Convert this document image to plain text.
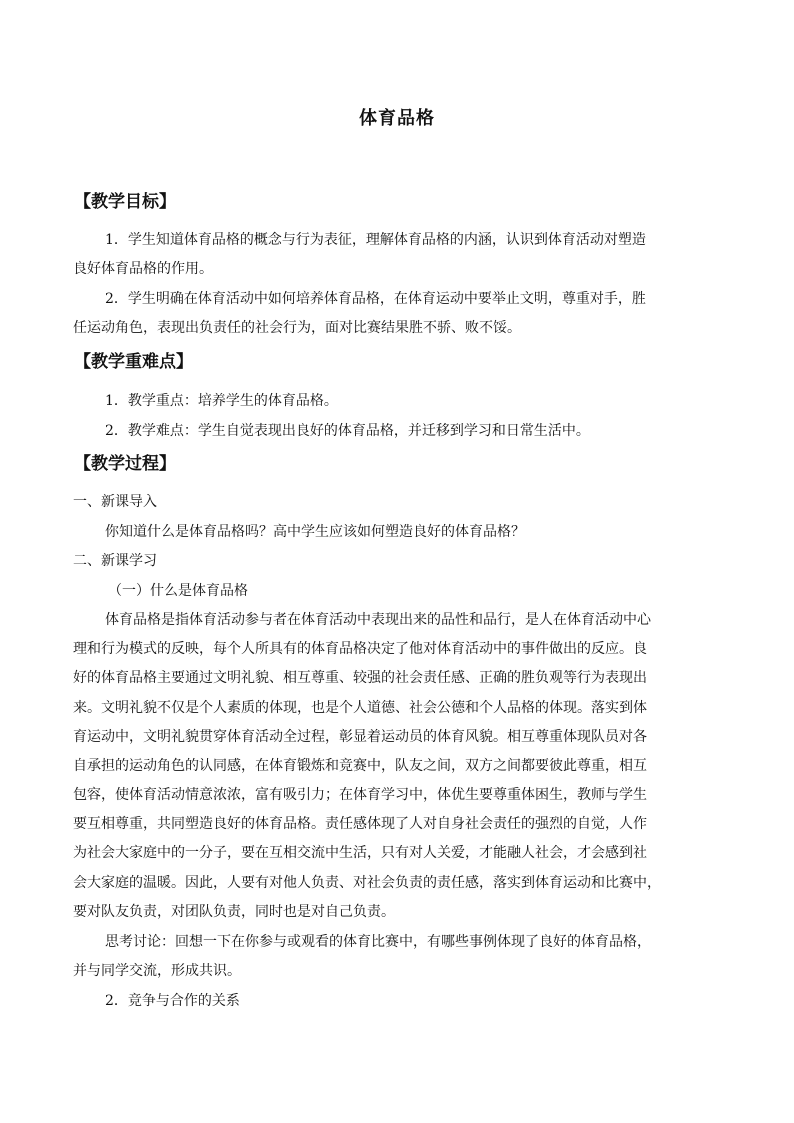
体育品格
【教学目标】
1．学生知道体育品格的概念与行为表征，理解体育品格的内涵，认识到体育活动对塑造
良好体育品格的作用。
2．学生明确在体育活动中如何培养体育品格，在体育运动中要举止文明，尊重对手，胜
任运动角色，表现出负责任的社会行为，面对比赛结果胜不骄、败不馁。
【教学重难点】
1．教学重点：培养学生的体育品格。
2．教学难点：学生自觉表现出良好的体育品格，并迁移到学习和日常生活中。
【教学过程】
一、新课导入
你知道什么是体育品格吗？高中学生应该如何塑造良好的体育品格？
二、新课学习
（一）什么是体育品格
体育品格是指体育活动参与者在体育活动中表现出来的品性和品行，是人在体育活动中心
理和行为模式的反映，每个人所具有的体育品格决定了他对体育活动中的事件做出的反应。良
好的体育品格主要通过文明礼貌、相互尊重、较强的社会责任感、正确的胜负观等行为表现出
来。文明礼貌不仅是个人素质的体现，也是个人道德、社会公德和个人品格的体现。落实到体
育运动中，文明礼貌贯穿体育活动全过程，彰显着运动员的体育风貌。相互尊重体现队员对各
自承担的运动角色的认同感，在体育锻炼和竞赛中，队友之间，双方之间都要彼此尊重，相互
包容，使体育活动情意浓浓，富有吸引力；在体育学习中，体优生要尊重体困生，教师与学生
要互相尊重，共同塑造良好的体育品格。责任感体现了人对自身社会责任的强烈的自觉，人作
为社会大家庭中的一分子，要在互相交流中生活，只有对人关爱，才能融人社会，才会感到社
会大家庭的温暖。因此，人要有对他人负责、对社会负责的责任感，落实到体育运动和比赛中，
要对队友负责，对团队负责，同时也是对自己负责。
思考讨论：回想一下在你参与或观看的体育比赛中，有哪些事例体现了良好的体育品格，
并与同学交流，形成共识。
2．竞争与合作的关系
